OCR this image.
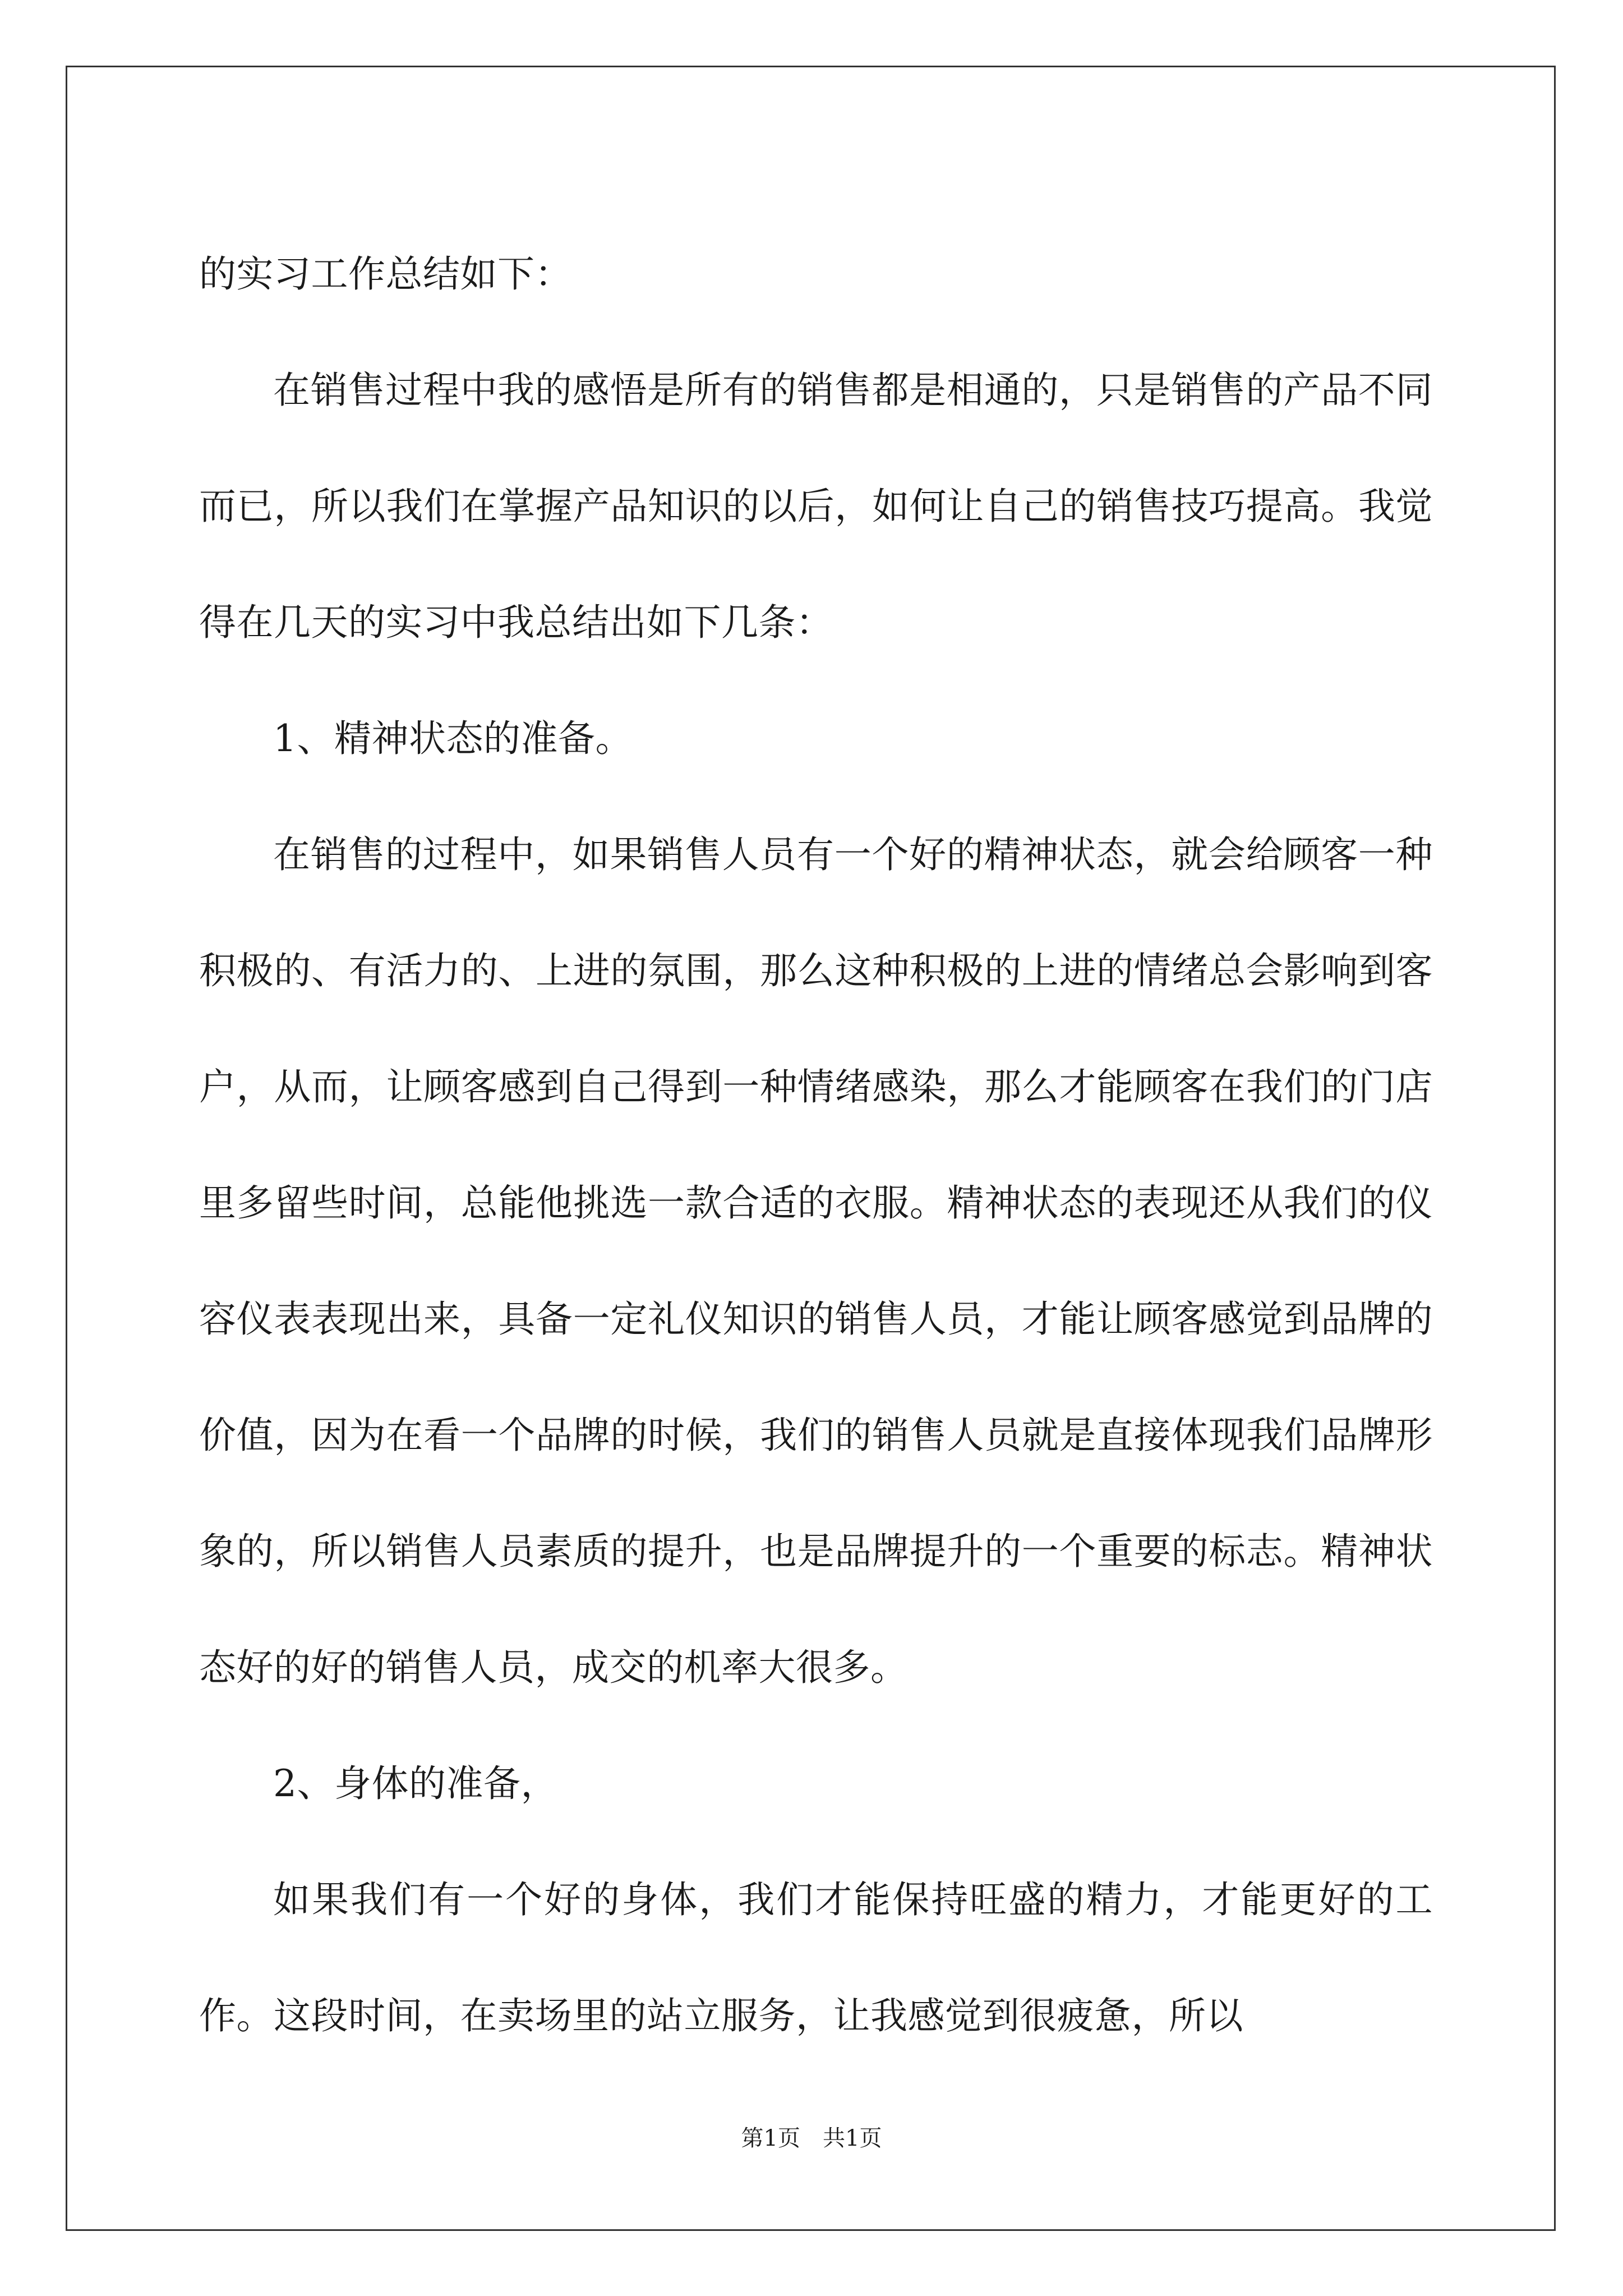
的实习工作总结如下：

在销售过程中我的感悟是所有的销售都是相通的，只是销售的产品不同而已，所以我们在掌握产品知识的以后，如何让自己的销售技巧提高。我觉得在几天的实习中我总结出如下几条：

1、精神状态的准备。

在销售的过程中，如果销售人员有一个好的精神状态，就会给顾客一种积极的、有活力的、上进的氛围，那么这种积极的上进的情绪总会影响到客户，从而，让顾客感到自己得到一种情绪感染，那么才能顾客在我们的门店里多留些时间，总能他挑选一款合适的衣服。精神状态的表现还从我们的仪容仪表表现出来，具备一定礼仪知识的销售人员，才能让顾客感觉到品牌的价值，因为在看一个品牌的时候，我们的销售人员就是直接体现我们品牌形象的，所以销售人员素质的提升，也是品牌提升的一个重要的标志。精神状态好的好的销售人员，成交的机率大很多。

2、身体的准备，

如果我们有一个好的身体，我们才能保持旺盛的精力，才能更好的工作。这段时间，在卖场里的站立服务，让我感觉到很疲惫，所以

第1页　共1页
